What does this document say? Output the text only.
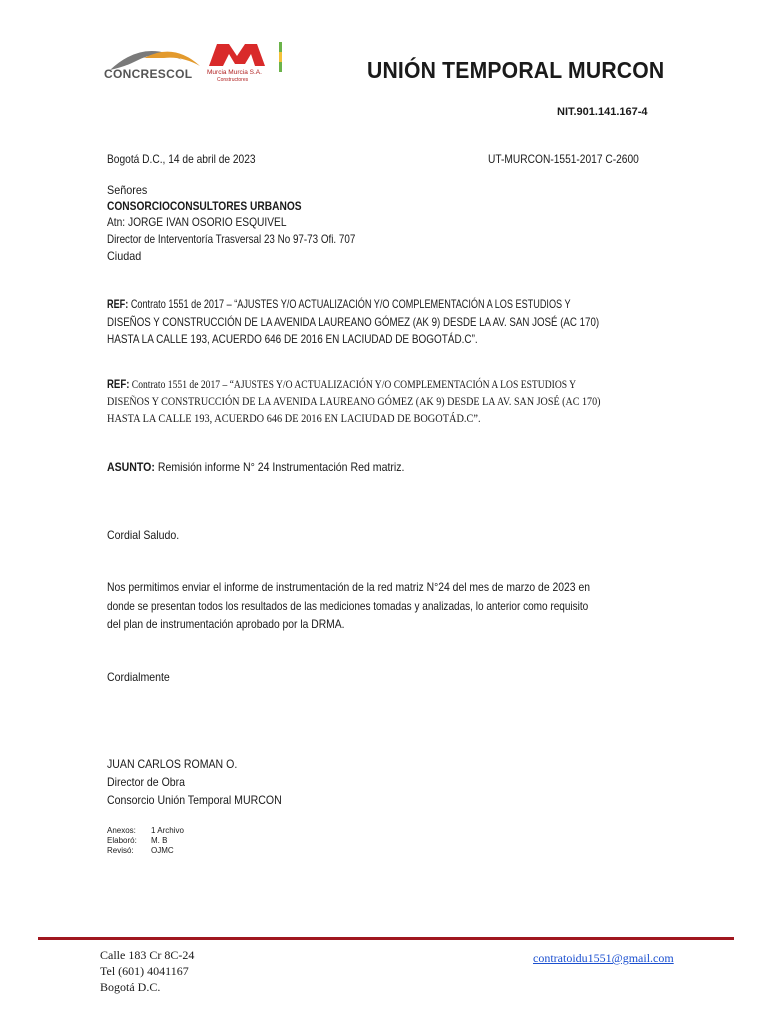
CONCRESCOL Murcia Murcia S.A.
Constructores	UNIÓN TEMPORAL MURCON
NIT.901.141.167-4
Bogotá D.C., 14 de abril de 2023	UT-MURCON-1551-2017 C-2600
Señores
CONSORCIOCONSULTORES URBANOS
Atn: JORGE IVAN OSORIO ESQUIVEL
Director de Interventoría Trasversal 23 No 97-73 Ofi. 707
Ciudad
REF: Contrato 1551 de 2017 – “AJUSTES Y/O ACTUALIZACIÓN Y/O COMPLEMENTACIÓN A LOS ESTUDIOS Y
DISEÑOS Y CONSTRUCCIÓN DE LA AVENIDA LAUREANO GÓMEZ (AK 9) DESDE LA AV. SAN JOSÉ (AC 170)
HASTA LA CALLE 193, ACUERDO 646 DE 2016 EN LACIUDAD DE BOGOTÁD.C”.
REF: Contrato 1551 de 2017 – “AJUSTES Y/O ACTUALIZACIÓN Y/O COMPLEMENTACIÓN A LOS ESTUDIOS Y
DISEÑOS Y CONSTRUCCIÓN DE LA AVENIDA LAUREANO GÓMEZ (AK 9) DESDE LA AV. SAN JOSÉ (AC 170)
HASTA LA CALLE 193, ACUERDO 646 DE 2016 EN LACIUDAD DE BOGOTÁD.C”.
ASUNTO: Remisión informe N° 24 Instrumentación Red matriz.
Cordial Saludo.
Nos permitimos enviar el informe de instrumentación de la red matriz N°24 del mes de marzo de 2023 en
donde se presentan todos los resultados de las mediciones tomadas y analizadas, lo anterior como requisito
del plan de instrumentación aprobado por la DRMA.
Cordialmente
JUAN CARLOS ROMAN O.
Director de Obra
Consorcio Unión Temporal MURCON
Anexos: 1 Archivo
Elaboró: M. B
Revisó: OJMC
Calle 183 Cr 8C-24
Tel (601) 4041167
Bogotá D.C.
contratoidu1551@gmail.com
